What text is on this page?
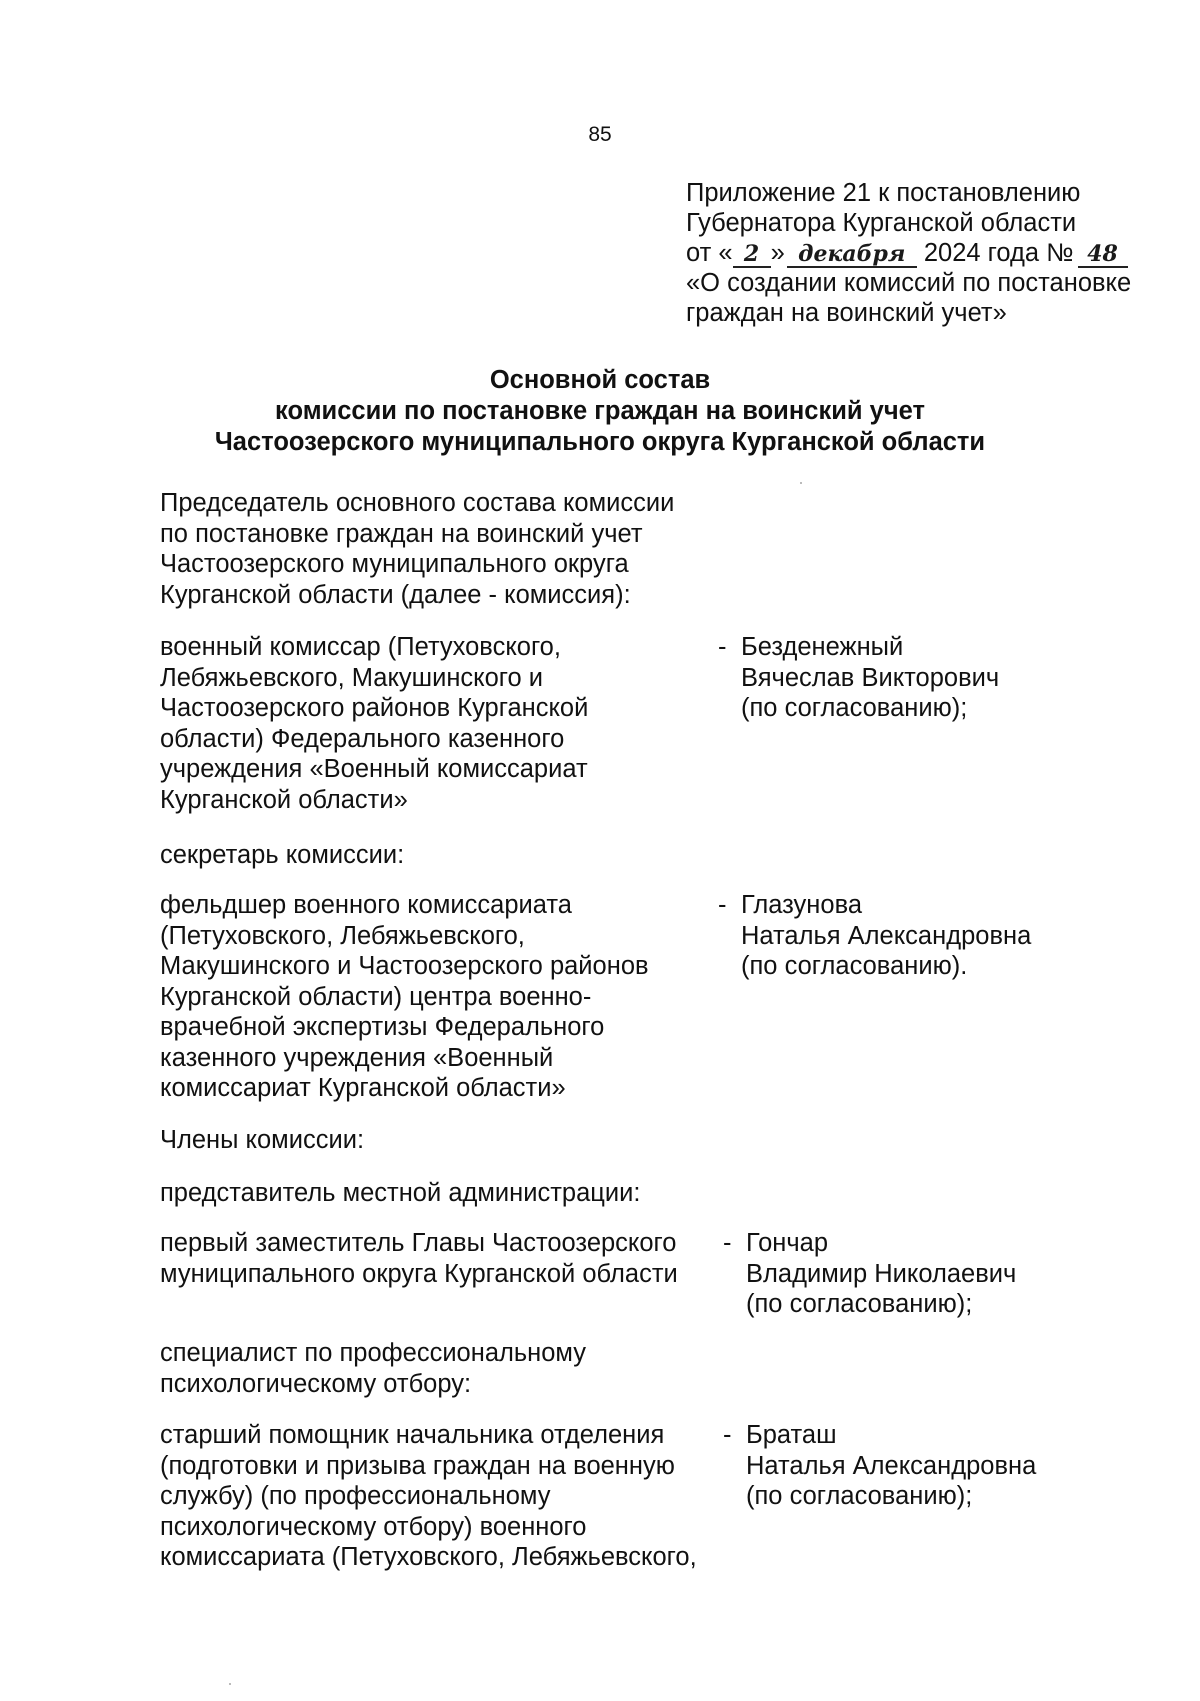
85
Приложение 21 к постановлению
Губернатора Курганской области
от « 2 » декабря 2024 года № 48
«О создании комиссий по постановке
граждан на воинский учет»
Основной состав
комиссии по постановке граждан на воинский учет
Частоозерского муниципального округа Курганской области
Председатель основного состава комиссии
по постановке граждан на воинский учет
Частоозерского муниципального округа
Курганской области (далее - комиссия):
военный комиссар (Петуховского,
Лебяжьевского, Макушинского и
Частоозерского районов Курганской
области) Федерального казенного
учреждения «Военный комиссариат
Курганской области»
- Безденежный
Вячеслав Викторович
(по согласованию);
секретарь комиссии:
фельдшер военного комиссариата
(Петуховского, Лебяжьевского,
Макушинского и Частоозерского районов
Курганской области) центра военно-
врачебной экспертизы Федерального
казенного учреждения «Военный
комиссариат Курганской области»
- Глазунова
Наталья Александровна
(по согласованию).
Члены комиссии:
представитель местной администрации:
первый заместитель Главы Частоозерского
муниципального округа Курганской области
- Гончар
Владимир Николаевич
(по согласованию);
специалист по профессиональному
психологическому отбору:
старший помощник начальника отделения
(подготовки и призыва граждан на военную
службу) (по профессиональному
психологическому отбору) военного
комиссариата (Петуховского, Лебяжьевского,
- Браташ
Наталья Александровна
(по согласованию);
